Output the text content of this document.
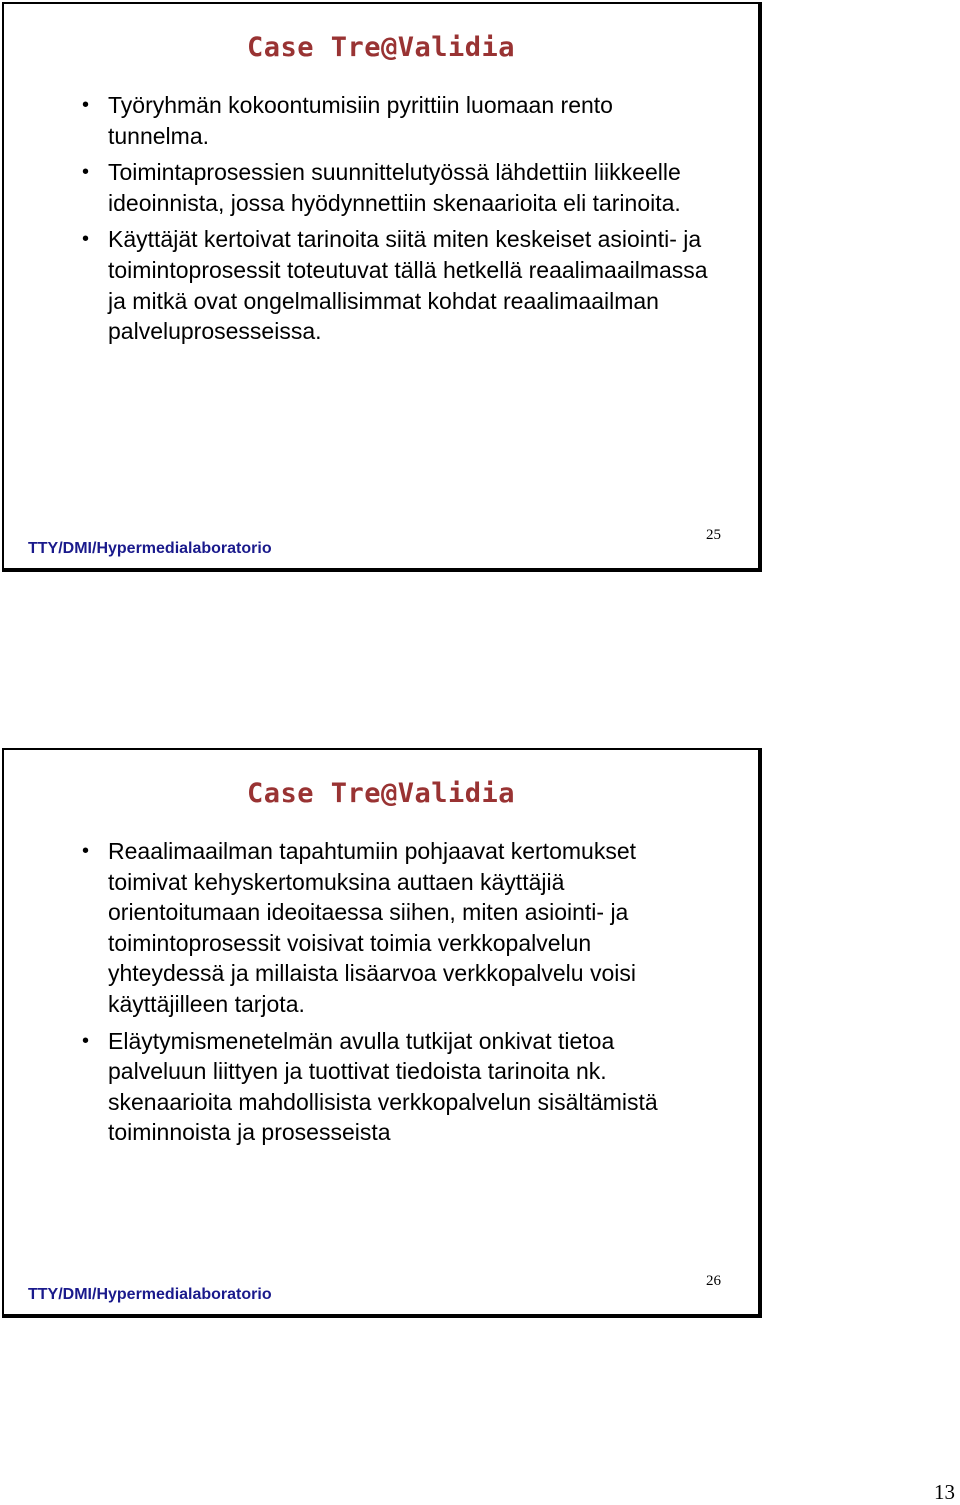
Case Tre@Validia
• Työryhmän kokoontumisiin pyrittiin luomaan rento tunnelma.
• Toimintaprosessien suunnittelutyössä lähdettiin liikkeelle ideoinnista, jossa hyödynnettiin skenaarioita eli tarinoita.
• Käyttäjät kertoivat tarinoita siitä miten keskeiset asiointi- ja toimintoprosessit toteutuvat tällä hetkellä reaalimaailmassa ja mitkä ovat ongelmallisimmat kohdat reaalimaailman palveluprosesseissa.
TTY/DMI/Hypermedialaboratorio
25
Case Tre@Validia
• Reaalimaailman tapahtumiin pohjaavat kertomukset toimivat kehyskertomuksina auttaen käyttäjiä orientoitumaan ideoitaessa siihen, miten asiointi- ja toimintoprosessit voisivat toimia verkkopalvelun yhteydessä ja millaista lisäarvoa verkkopalvelu voisi käyttäjilleen tarjota.
• Eläytymismenetelmän avulla tutkijat onkivat tietoa palveluun liittyen ja tuottivat tiedoista tarinoita nk. skenaarioita mahdollisista verkkopalvelun sisältämistä toiminnoista ja prosesseista
TTY/DMI/Hypermedialaboratorio
26
13
